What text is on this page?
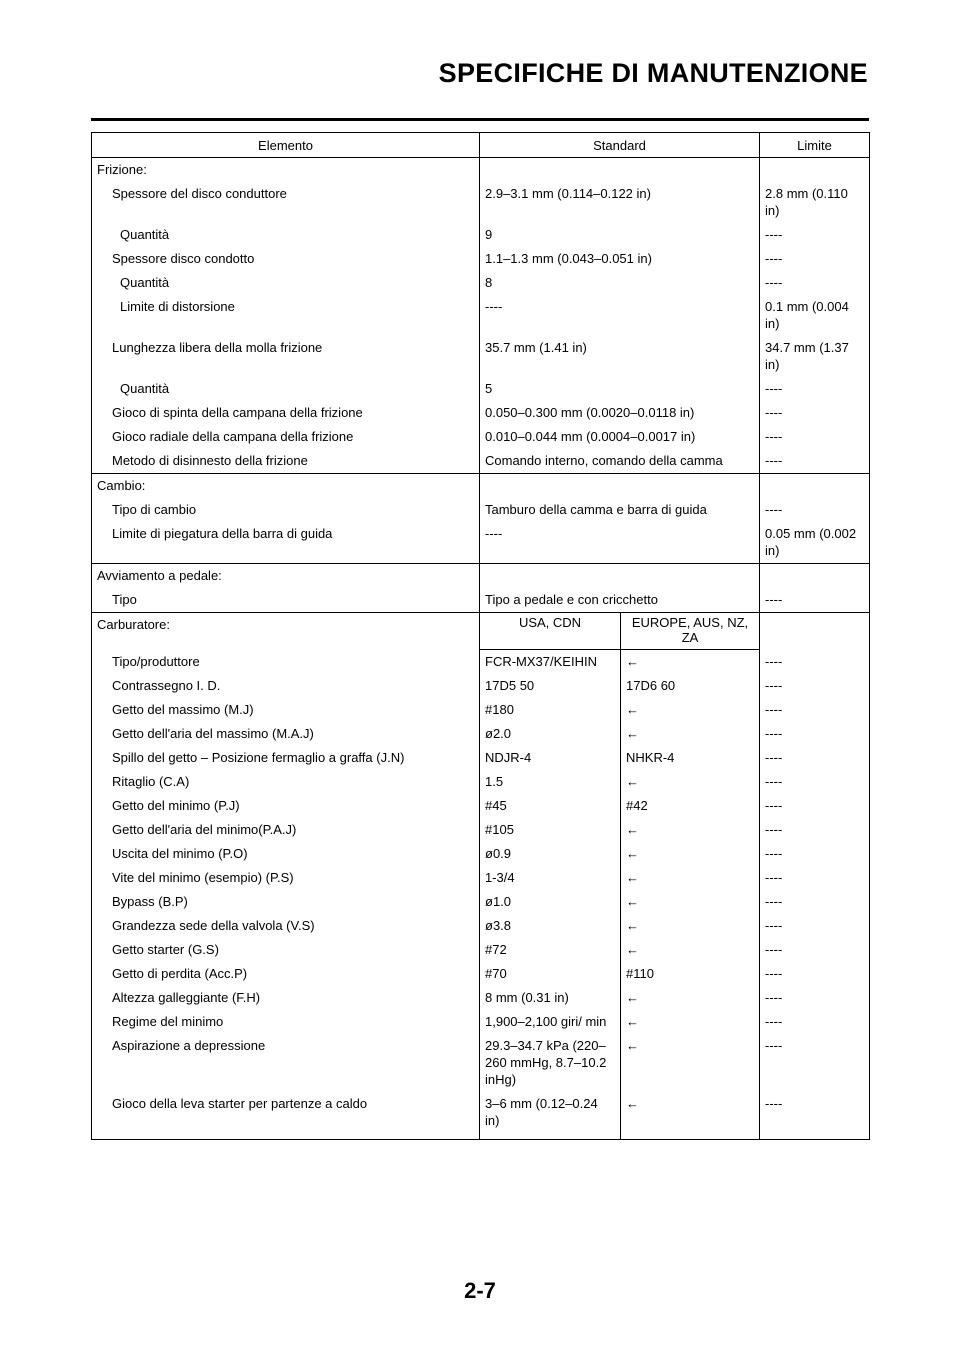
SPECIFICHE DI MANUTENZIONE
Elemento	Standard		Limite
Frizione:			
Spessore del disco conduttore	2.9–3.1 mm (0.114–0.122 in)		2.8 mm (0.110 in)
Quantità	9		----
Spessore disco condotto	1.1–1.3 mm (0.043–0.051 in)		----
Quantità	8		----
Limite di distorsione	----		0.1 mm (0.004 in)
Lunghezza libera della molla frizione	35.7 mm (1.41 in)		34.7 mm (1.37 in)
Quantità	5		----
Gioco di spinta della campana della frizione	0.050–0.300 mm (0.0020–0.0118 in)		----
Gioco radiale della campana della frizione	0.010–0.044 mm (0.0004–0.0017 in)		----
Metodo di disinnesto della frizione	Comando interno, comando della camma		----
Cambio:			
Tipo di cambio	Tamburo della camma e barra di guida		----
Limite di piegatura della barra di guida	----		0.05 mm (0.002 in)
Avviamento a pedale:			
Tipo	Tipo a pedale e con cricchetto		----
Carburatore:	USA, CDN	EUROPE, AUS, NZ, ZA	
Tipo/produttore	FCR-MX37/KEIHIN	←	----
Contrassegno I. D.	17D5 50	17D6 60	----
Getto del massimo (M.J)	#180	←	----
Getto dell'aria del massimo (M.A.J)	ø2.0	←	----
Spillo del getto – Posizione fermaglio a graffa (J.N)	NDJR-4	NHKR-4	----
Ritaglio (C.A)	1.5	←	----
Getto del minimo (P.J)	#45	#42	----
Getto dell'aria del minimo(P.A.J)	#105	←	----
Uscita del minimo (P.O)	ø0.9	←	----
Vite del minimo (esempio) (P.S)	1-3/4	←	----
Bypass (B.P)	ø1.0	←	----
Grandezza sede della valvola (V.S)	ø3.8	←	----
Getto starter (G.S)	#72	←	----
Getto di perdita (Acc.P)	#70	#110	----
Altezza galleggiante (F.H)	8 mm (0.31 in)	←	----
Regime del minimo	1,900–2,100 giri/ min	←	----
Aspirazione a depressione	29.3–34.7 kPa (220–260 mmHg, 8.7–10.2 inHg)	←	----
Gioco della leva starter per partenze a caldo	3–6 mm (0.12–0.24 in)	←	----
2-7
